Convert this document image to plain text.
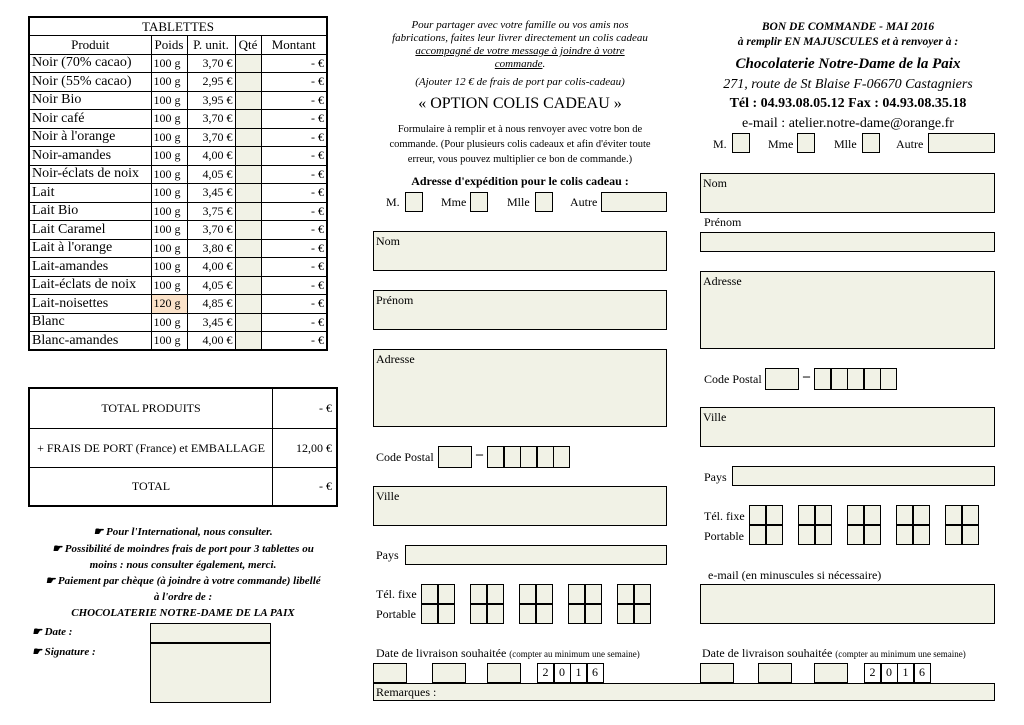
TABLETTES				
Produit	Poids	P. unit.	Qté	Montant
Noir (70% cacao)	100 g	3,70 €		- €
Noir (55% cacao)	100 g	2,95 €		- €
Noir Bio	100 g	3,95 €		- €
Noir café	100 g	3,70 €		- €
Noir à l'orange	100 g	3,70 €		- €
Noir-amandes	100 g	4,00 €		- €
Noir-éclats de noix	100 g	4,05 €		- €
Lait	100 g	3,45 €		- €
Lait Bio	100 g	3,75 €		- €
Lait Caramel	100 g	3,70 €		- €
Lait à l'orange	100 g	3,80 €		- €
Lait-amandes	100 g	4,00 €		- €
Lait-éclats de noix	100 g	4,05 €		- €
Lait-noisettes	120 g	4,85 €		- €
Blanc	100 g	3,45 €		- €
Blanc-amandes	100 g	4,00 €		- €
TOTAL PRODUITS	- €
+ FRAIS DE PORT (France) et EMBALLAGE	12,00 €
TOTAL	- €
☛ Pour l'International, nous consulter.
☛ Possibilité de moindres frais de port pour 3 tablettes ou
moins : nous consulter également, merci.
☛ Paiement par chèque (à joindre à votre commande) libellé
à l'ordre de :
CHOCOLATERIE NOTRE-DAME DE LA PAIX
☛ Date :
☛ Signature :
Pour partager avec votre famille ou vos amis nos
fabrications, faites leur livrer directement un colis cadeau
accompagné de votre message à joindre à votre
commande.
(Ajouter 12 € de frais de port par colis-cadeau)
« OPTION COLIS CADEAU »
Formulaire à remplir et à nous renvoyer avec votre bon de
commande. (Pour plusieurs colis cadeaux et afin d'éviter toute
erreur, vous pouvez multiplier ce bon de commande.)
Adresse d'expédition pour le colis cadeau :
M.	Mme	Mlle	Autre
Nom
Prénom
Adresse
Code Postal	–
Ville
Pays
Tél. fixe
Portable
Date de livraison souhaitée (compter au minimum une semaine)
2 0 1 6
Remarques :
BON DE COMMANDE - MAI 2016
à remplir EN MAJUSCULES et à renvoyer à :
Chocolaterie Notre-Dame de la Paix
271, route de St Blaise F-06670 Castagniers
Tél : 04.93.08.05.12 Fax : 04.93.08.35.18
e-mail : atelier.notre-dame@orange.fr
M.	Mme	Mlle	Autre
Nom
Prénom
Adresse
Code Postal	–
Ville
Pays
Tél. fixe
Portable
e-mail (en minuscules si nécessaire)
Date de livraison souhaitée (compter au minimum une semaine)
2 0 1 6
